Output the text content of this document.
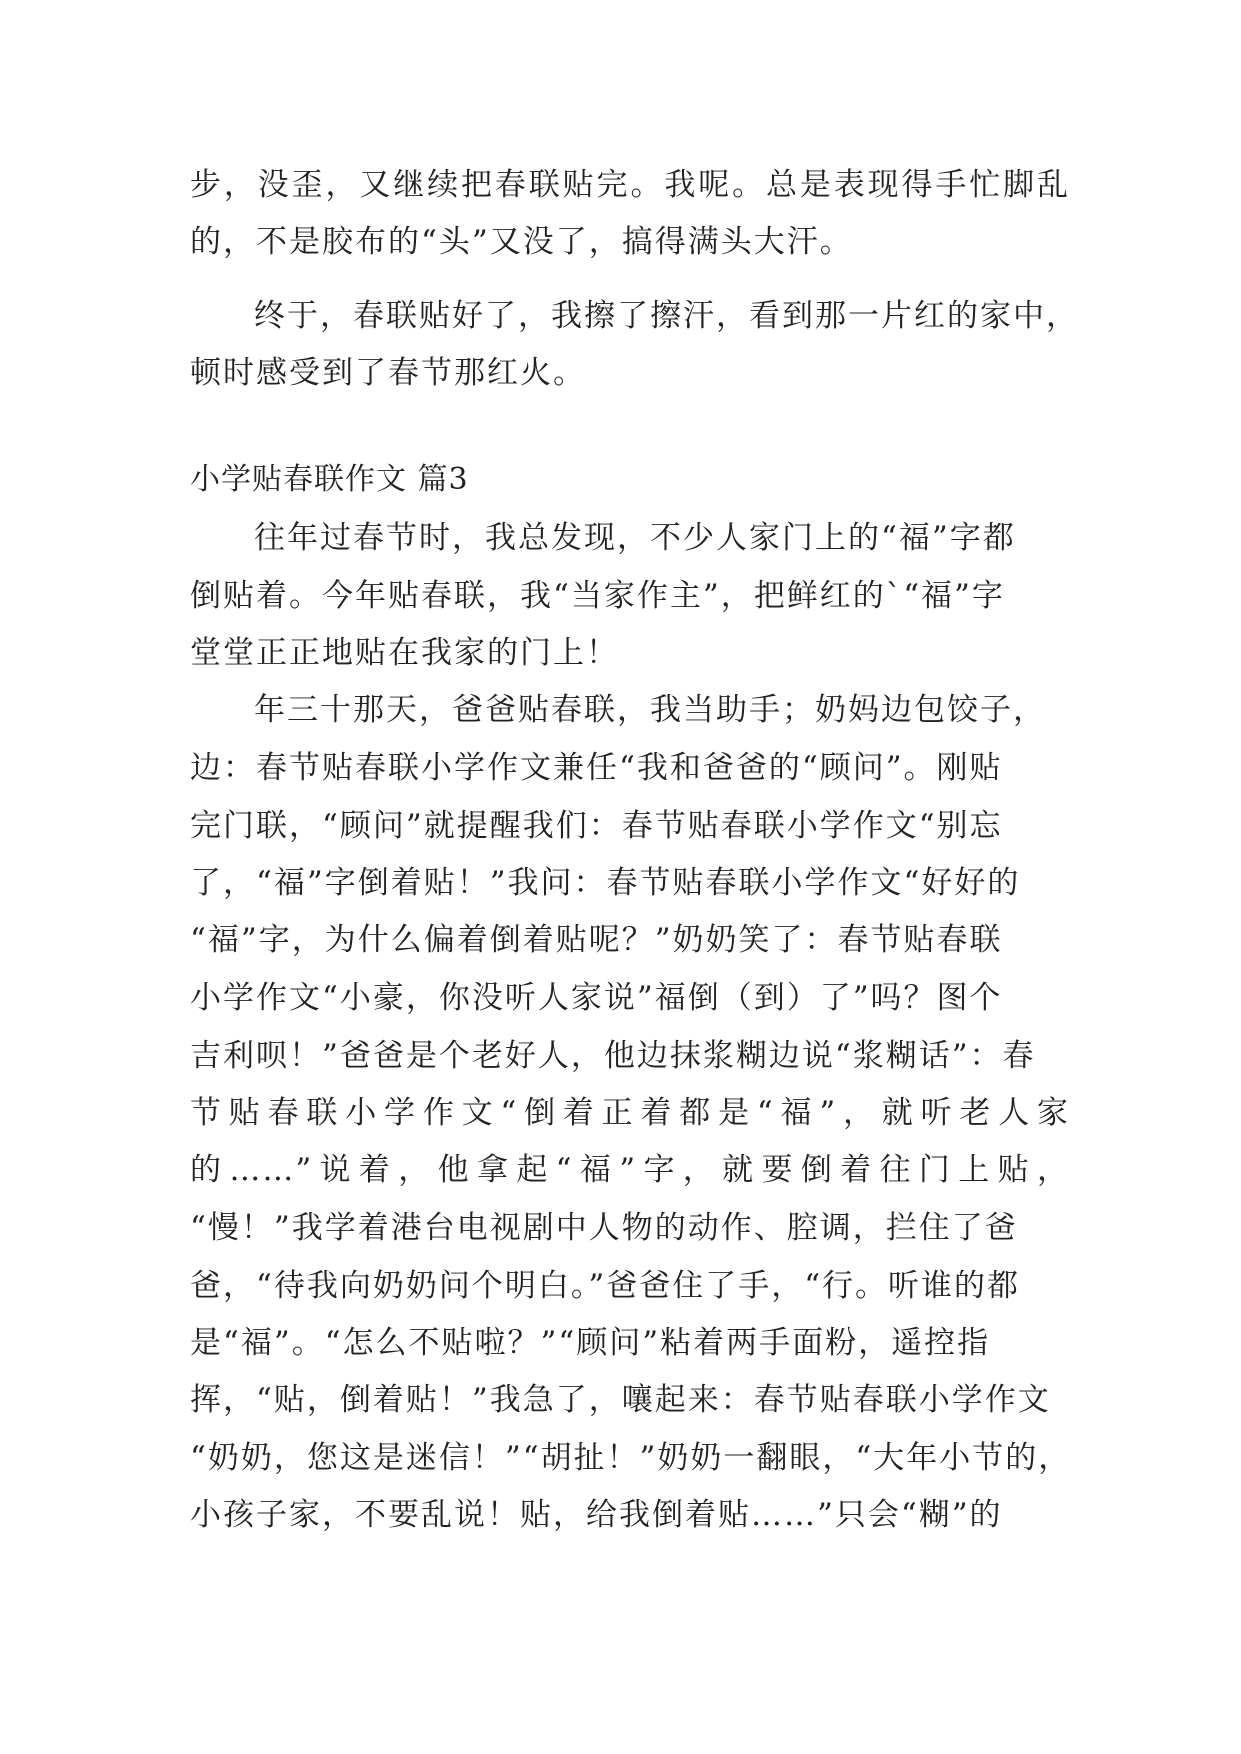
步，没歪，又继续把春联贴完。我呢。总是表现得手忙脚乱
的，不是胶布的“头”又没了，搞得满头大汗。
终于，春联贴好了，我擦了擦汗，看到那一片红的家中，
顿时感受到了春节那红火。
小学贴春联作文 篇3
往年过春节时，我总发现，不少人家门上的“福”字都
倒贴着。今年贴春联，我“当家作主”，把鲜红的`“福”字
堂堂正正地贴在我家的门上！
年三十那天，爸爸贴春联，我当助手；奶妈边包饺子，
边：春节贴春联小学作文兼任“我和爸爸的“顾问”。刚贴
完门联，“顾问”就提醒我们：春节贴春联小学作文“别忘
了，“福”字倒着贴！”我问：春节贴春联小学作文“好好的
“福”字，为什么偏着倒着贴呢？”奶奶笑了：春节贴春联
小学作文“小豪，你没听人家说”福倒（到）了”吗？图个
吉利呗！”爸爸是个老好人，他边抹浆糊边说“浆糊话”：春
节贴春联小学作文“倒着正着都是“福”，就听老人家
的……”说着，他拿起“福”字，就要倒着往门上贴，
“慢！”我学着港台电视剧中人物的动作、腔调，拦住了爸
爸，“待我向奶奶问个明白。”爸爸住了手，“行。听谁的都
是“福”。“怎么不贴啦？”“顾问”粘着两手面粉，遥控指
挥，“贴，倒着贴！”我急了，嚷起来：春节贴春联小学作文
“奶奶，您这是迷信！”“胡扯！”奶奶一翻眼，“大年小节的，
小孩子家，不要乱说！贴，给我倒着贴……”只会“糊”的
